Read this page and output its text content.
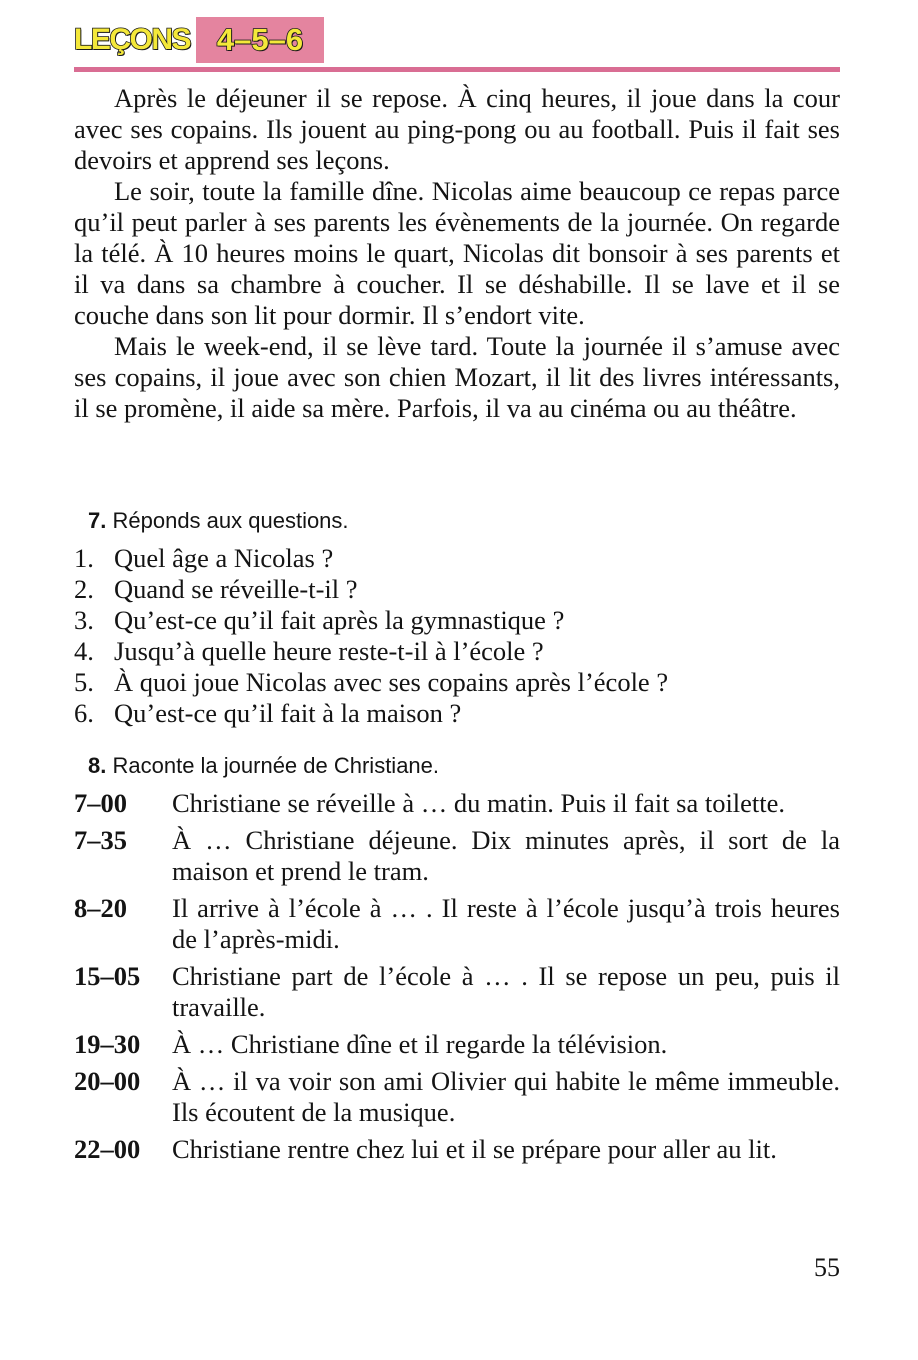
LEÇONS 4–5–6

Après le déjeuner il se repose. À cinq heures, il joue dans la cour avec ses copains. Ils jouent au ping-pong ou au football. Puis il fait ses devoirs et apprend ses leçons.

Le soir, toute la famille dîne. Nicolas aime beaucoup ce repas parce qu’il peut parler à ses parents les évènements de la journée. On regarde la télé. À 10 heures moins le quart, Nicolas dit bonsoir à ses parents et il va dans sa chambre à coucher. Il se déshabille. Il se lave et il se couche dans son lit pour dormir. Il s’endort vite.

Mais le week-end, il se lève tard. Toute la journée il s’amuse avec ses copains, il joue avec son chien Mozart, il lit des livres intéressants, il se promène, il aide sa mère. Parfois, il va au cinéma ou au théâtre.

7. Réponds aux questions.
1. Quel âge a Nicolas ?
2. Quand se réveille-t-il ?
3. Qu’est-ce qu’il fait après la gymnastique ?
4. Jusqu’à quelle heure reste-t-il à l’école ?
5. À quoi joue Nicolas avec ses copains après l’école ?
6. Qu’est-ce qu’il fait à la maison ?
8. Raconte la journée de Christiane.
7–00	Christiane se réveille à … du matin. Puis il fait sa toilette.
7–35	À … Christiane déjeune. Dix minutes après, il sort de la maison et prend le tram.
8–20	Il arrive à l’école à … . Il reste à l’école jusqu’à trois heures de l’après-midi.
15–05	Christiane part de l’école à … . Il se repose un peu, puis il travaille.
19–30	À … Christiane dîne et il regarde la télévision.
20–00	À … il va voir son ami Olivier qui habite le même immeuble. Ils écoutent de la musique.
22–00	Christiane rentre chez lui et il se prépare pour aller au lit.
55
